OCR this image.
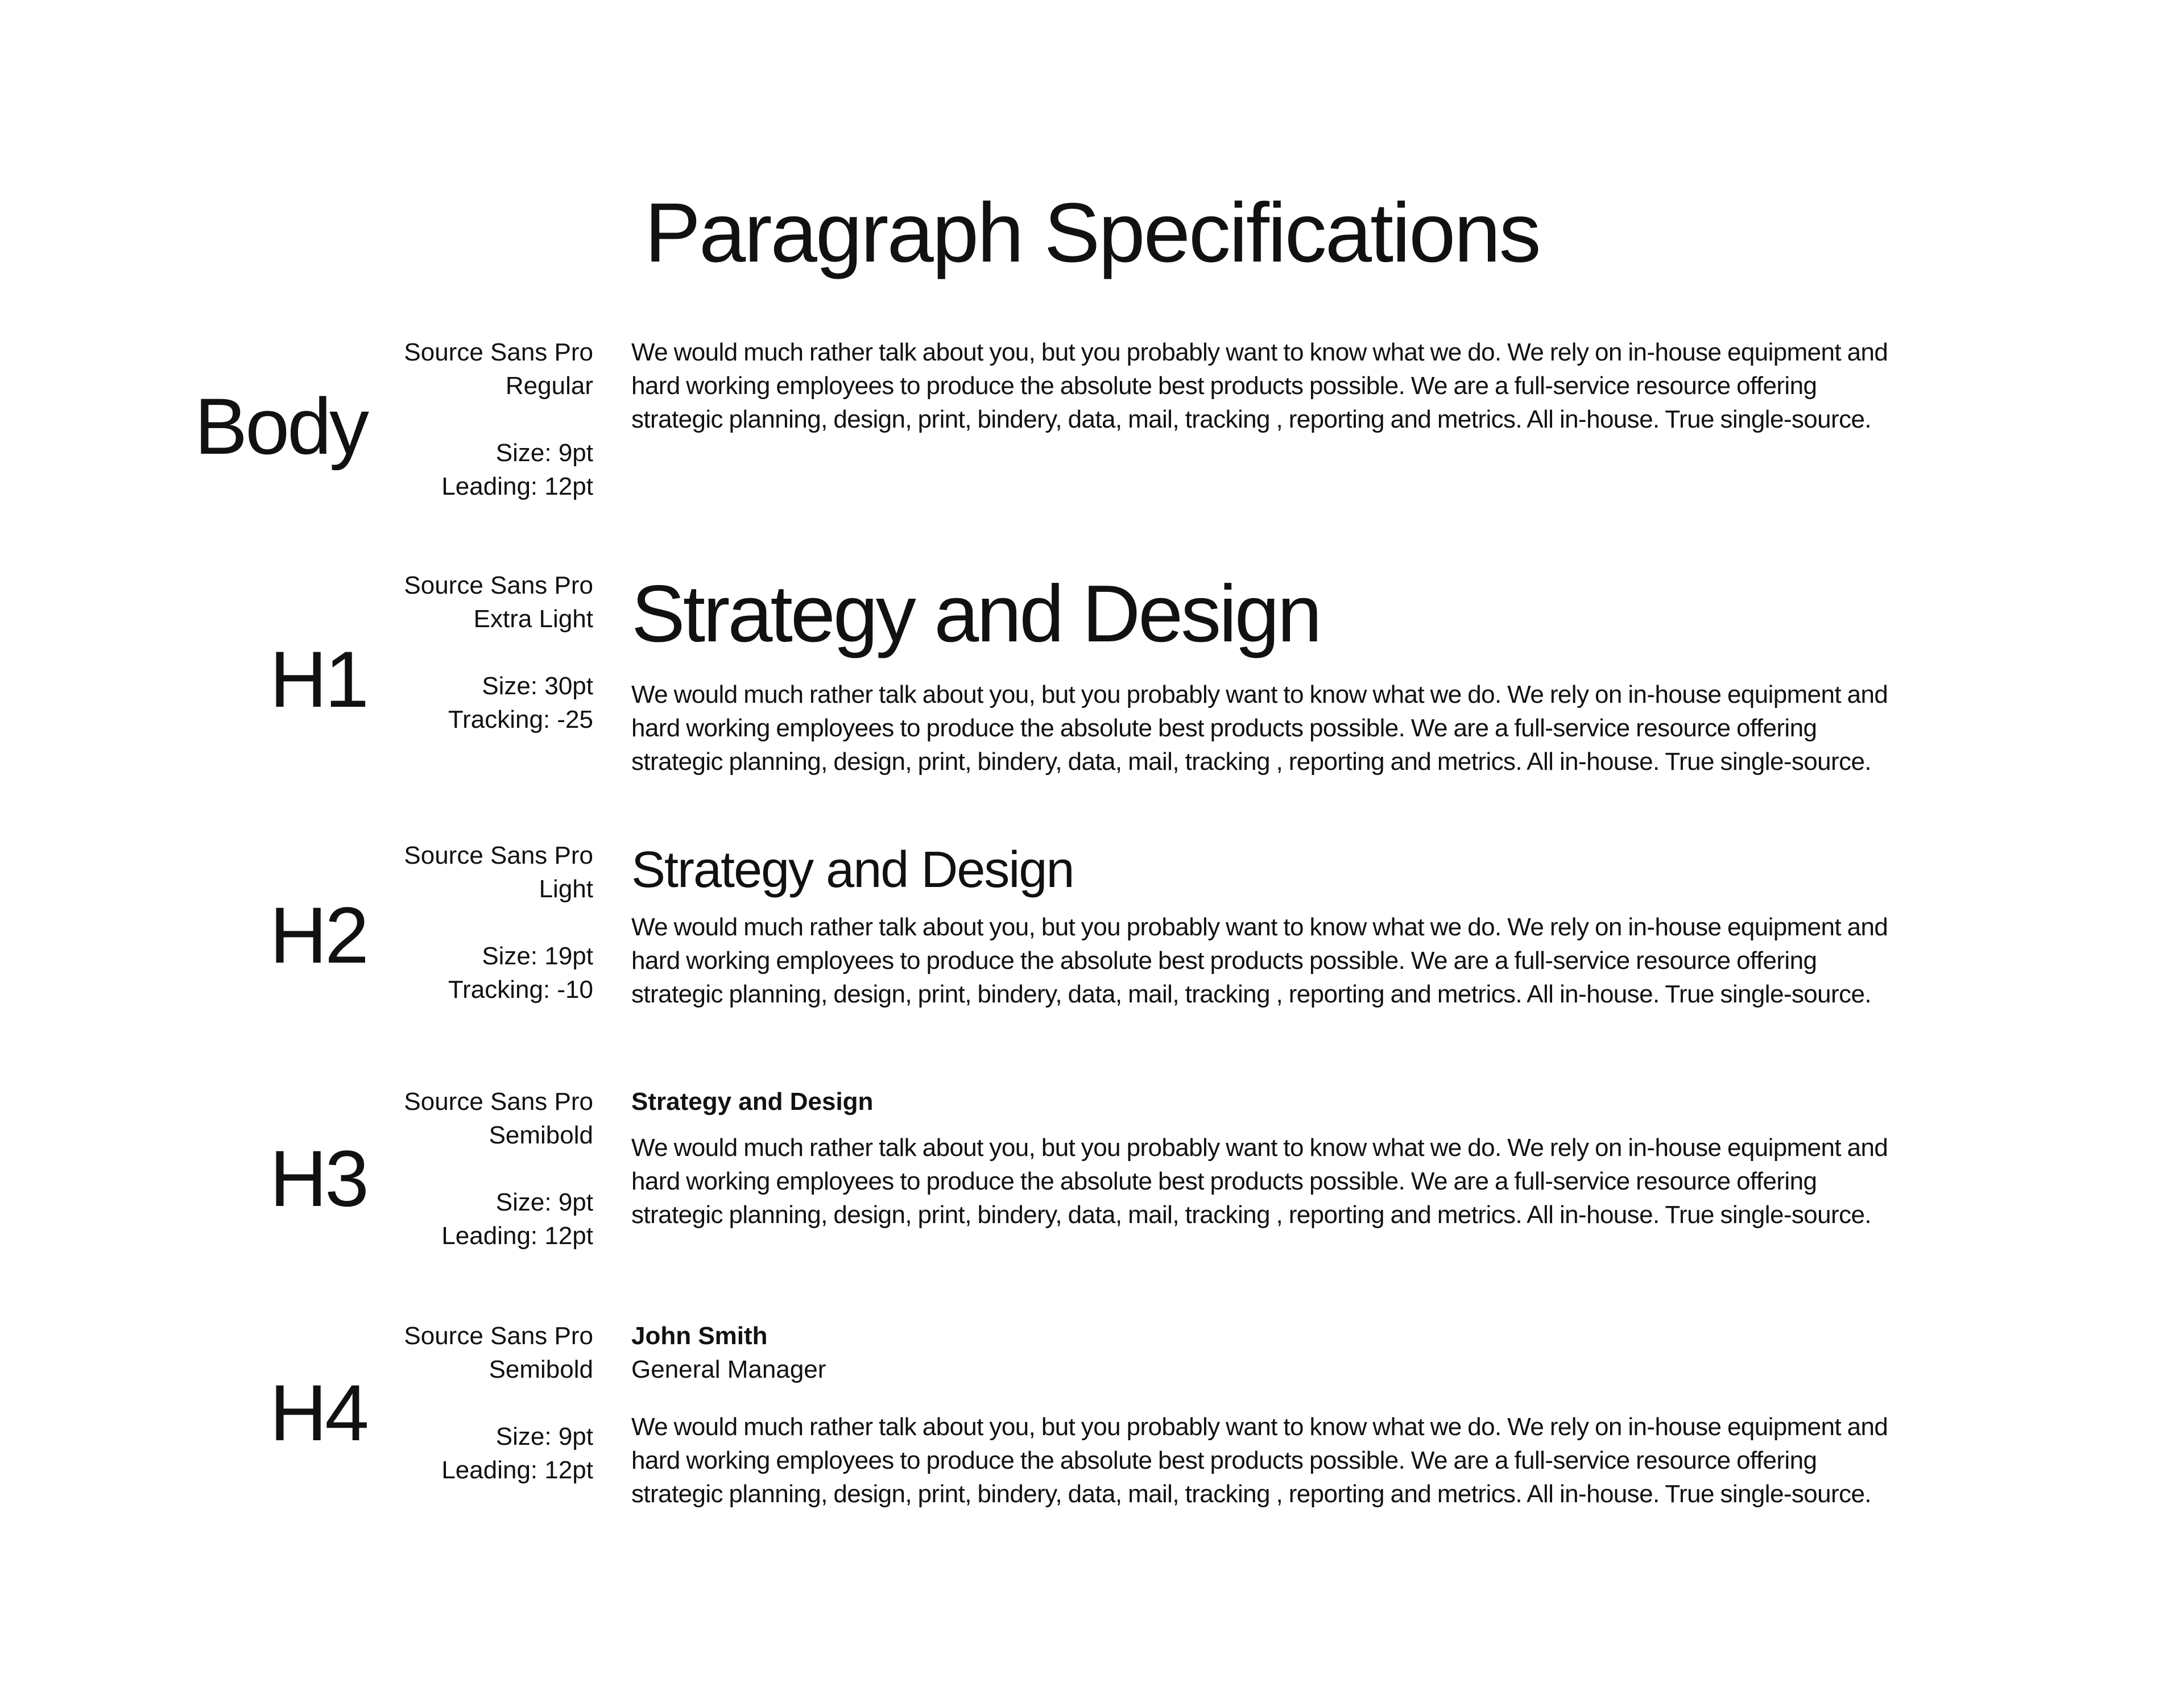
Paragraph Specifications
Body
Source Sans Pro
Regular
Size: 9pt
Leading: 12pt

We would much rather talk about you, but you probably want to know what we do. We rely on in-house equipment and hard working employees to produce the absolute best products possible. We are a full-service resource offering strategic planning, design, print, bindery, data, mail, tracking , reporting and metrics. All in-house. True single-source.

H1
Source Sans Pro
Extra Light
Size: 30pt
Tracking: -25
Strategy and Design

We would much rather talk about you, but you probably want to know what we do. We rely on in-house equipment and hard working employees to produce the absolute best products possible. We are a full-service resource offering strategic planning, design, print, bindery, data, mail, tracking , reporting and metrics. All in-house. True single-source.

H2
Source Sans Pro
Light
Size: 19pt
Tracking: -10
Strategy and Design

We would much rather talk about you, but you probably want to know what we do. We rely on in-house equipment and hard working employees to produce the absolute best products possible. We are a full-service resource offering strategic planning, design, print, bindery, data, mail, tracking , reporting and metrics. All in-house. True single-source.

H3
Source Sans Pro
Semibold
Size: 9pt
Leading: 12pt
Strategy and Design

We would much rather talk about you, but you probably want to know what we do. We rely on in-house equipment and hard working employees to produce the absolute best products possible. We are a full-service resource offering strategic planning, design, print, bindery, data, mail, tracking , reporting and metrics. All in-house. True single-source.

H4
Source Sans Pro
Semibold
Size: 9pt
Leading: 12pt
John Smith
General Manager

We would much rather talk about you, but you probably want to know what we do. We rely on in-house equipment and hard working employees to produce the absolute best products possible. We are a full-service resource offering strategic planning, design, print, bindery, data, mail, tracking , reporting and metrics. All in-house. True single-source.
